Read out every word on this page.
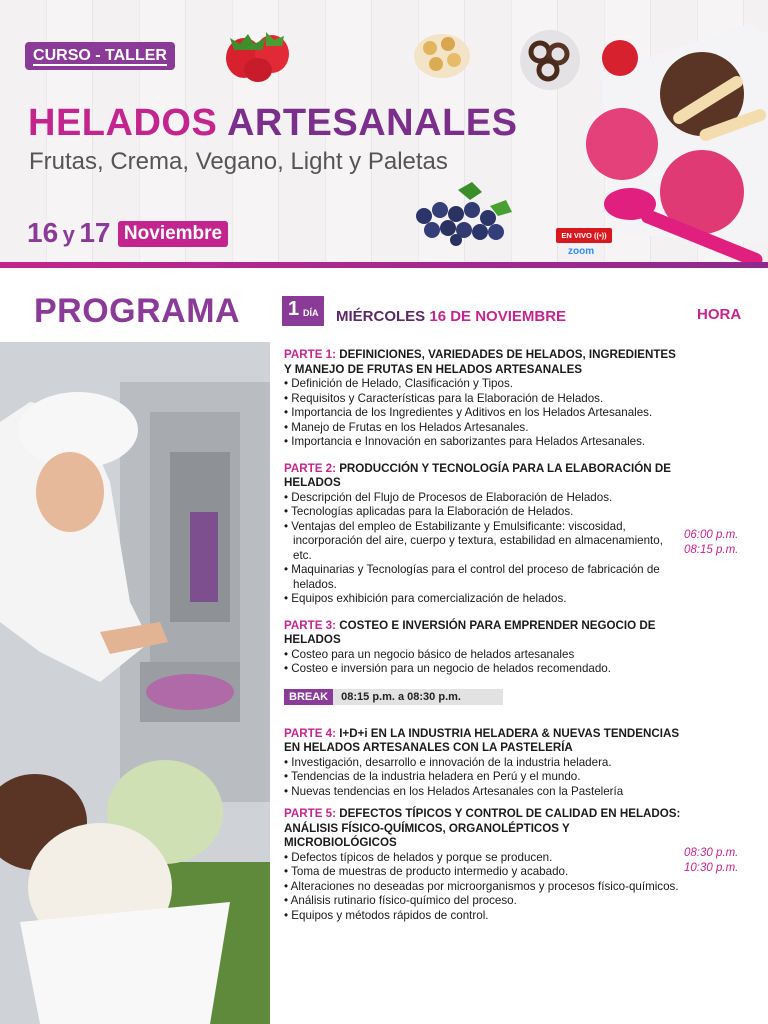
CURSO - TALLER
HELADOS ARTESANALES
Frutas, Crema, Vegano, Light y Paletas
16 y 17 Noviembre	EN VIVO ((•))
zoom
PROGRAMA 1 DÍA MIÉRCOLES 16 DE NOVIEMBRE	HORA
PARTE 1: DEFINICIONES, VARIEDADES DE HELADOS, INGREDIENTES Y MANEJO DE FRUTAS EN HELADOS ARTESANALES
• Definición de Helado, Clasificación y Tipos.
• Requisitos y Características para la Elaboración de Helados.
• Importancia de los Ingredientes y Aditivos en los Helados Artesanales.
• Manejo de Frutas en los Helados Artesanales.
• Importancia e Innovación en saborizantes para Helados Artesanales.
PARTE 2: PRODUCCIÓN Y TECNOLOGÍA PARA LA ELABORACIÓN DE HELADOS
• Descripción del Flujo de Procesos de Elaboración de Helados.
• Tecnologías aplicadas para la Elaboración de Helados.
• Ventajas del empleo de Estabilizante y Emulsificante: viscosidad, incorporación del aire, cuerpo y textura, estabilidad en almacenamiento, etc.
• Maquinarias y Tecnologías para el control del proceso de fabricación de helados.
• Equipos exhibición para comercialización de helados.
PARTE 3: COSTEO E INVERSIÓN PARA EMPRENDER NEGOCIO DE HELADOS
• Costeo para un negocio básico de helados artesanales
• Costeo e inversión para un negocio de helados recomendado.
BREAK 08:15 p.m. a 08:30 p.m.
PARTE 4: I+D+i EN LA INDUSTRIA HELADERA & NUEVAS TENDENCIAS EN HELADOS ARTESANALES CON LA PASTELERÍA
• Investigación, desarrollo e innovación de la industria heladera.
• Tendencias de la industria heladera en Perú y el mundo.
• Nuevas tendencias en los Helados Artesanales con la Pastelería
PARTE 5: DEFECTOS TÍPICOS Y CONTROL DE CALIDAD EN HELADOS: ANÁLISIS FÍSICO-QUÍMICOS, ORGANOLÉPTICOS Y MICROBIOLÓGICOS
• Defectos típicos de helados y porque se producen.
• Toma de muestras de producto intermedio y acabado.
• Alteraciones no deseadas por microorganismos y procesos físico-químicos.
• Análisis rutinario físico-químico del proceso.
• Equipos y métodos rápidos de control.
06:00 p.m.
08:15 p.m.
08:30 p.m.
10:30 p.m.
